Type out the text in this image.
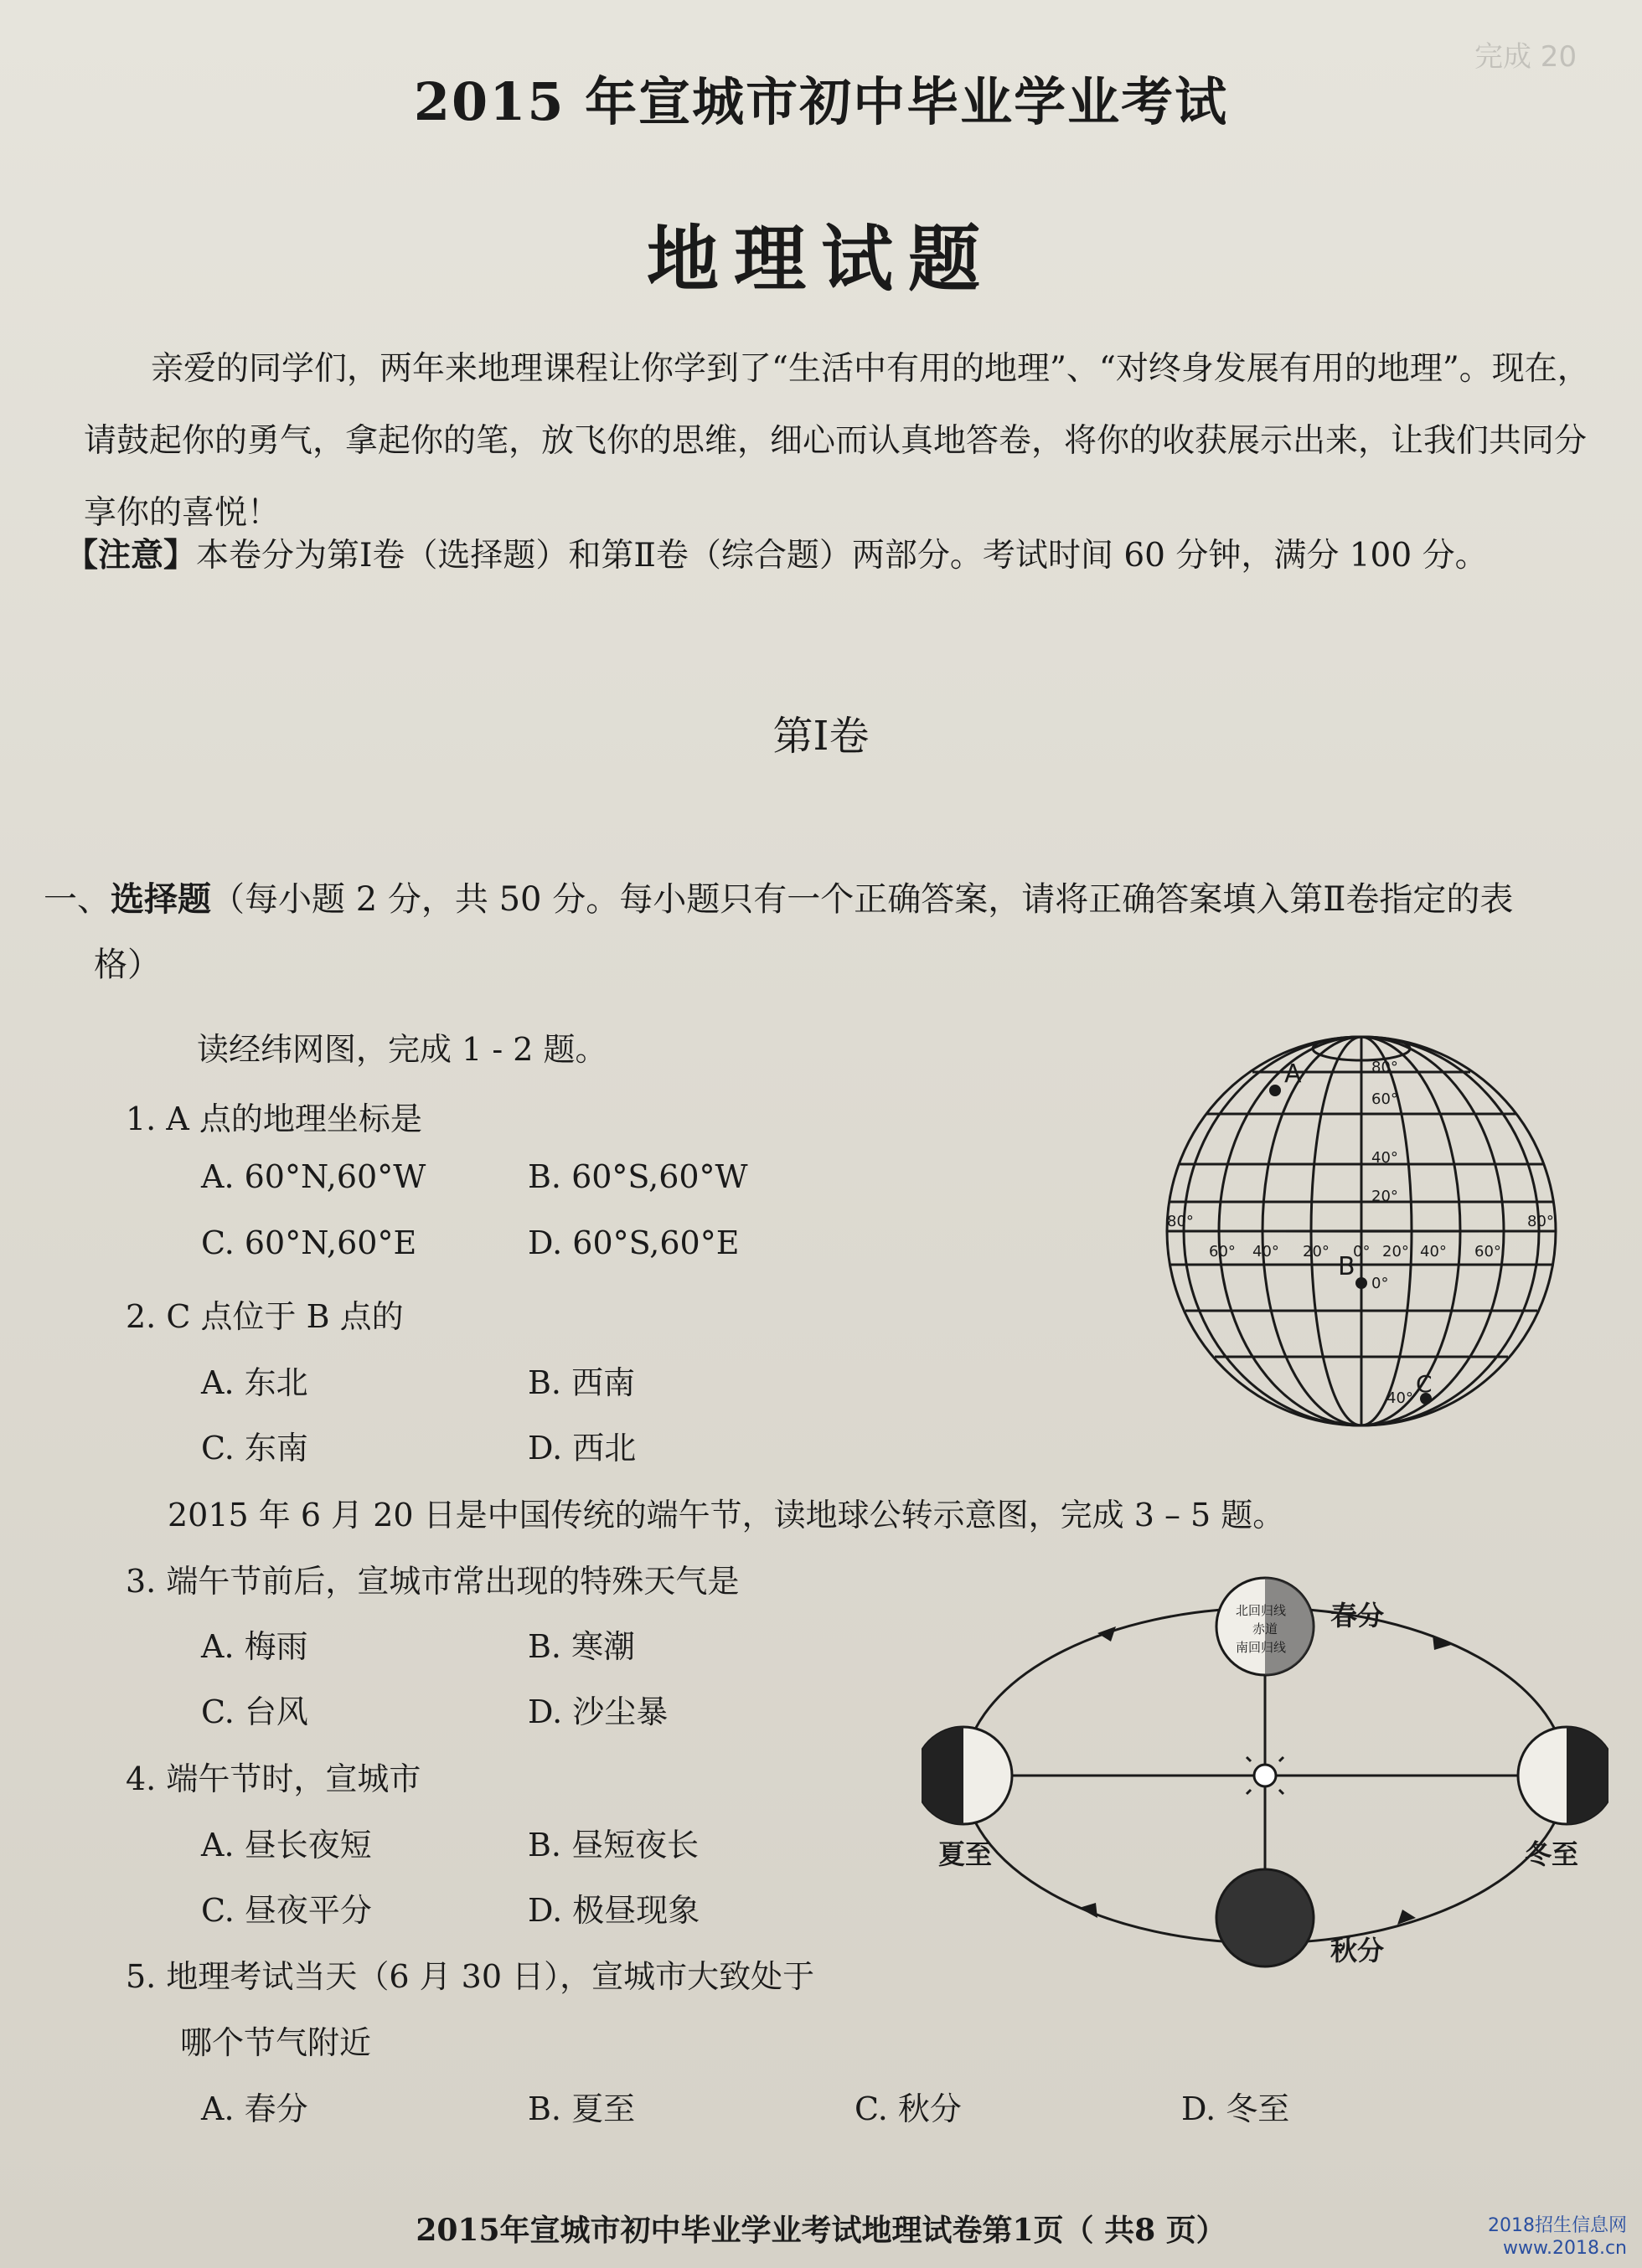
完成 20
2015 年宣城市初中毕业学业考试
地理试题
亲爱的同学们，两年来地理课程让你学到了“生活中有用的地理”、“对终身发展有用的地理”。现在，请鼓起你的勇气，拿起你的笔，放飞你的思维，细心而认真地答卷，将你的收获展示出来，让我们共同分享你的喜悦！
【注意】本卷分为第Ⅰ卷（选择题）和第Ⅱ卷（综合题）两部分。考试时间 60 分钟，满分 100 分。
第Ⅰ卷
一、选择题（每小题 2 分，共 50 分。每小题只有一个正确答案，请将正确答案填入第Ⅱ卷指定的表
格）
读经纬网图，完成 1 - 2 题。
1. A 点的地理坐标是
A. 60°N,60°W	B. 60°S,60°W
C. 60°N,60°E	D. 60°S,60°E
2. C 点位于 B 点的
A. 东北	B. 西南
C. 东南	D. 西北
2015 年 6 月 20 日是中国传统的端午节，读地球公转示意图，完成 3 – 5 题。
3. 端午节前后，宣城市常出现的特殊天气是
A. 梅雨	B. 寒潮
C. 台风	D. 沙尘暴
4. 端午节时，宣城市
A. 昼长夜短	B. 昼短夜长
C. 昼夜平分	D. 极昼现象
5. 地理考试当天（6 月 30 日），宣城市大致处于
哪个节气附近
A. 春分	B. 夏至	C. 秋分	D. 冬至
A
B
C
80°
60°
40°
20°
0°
40°
80°
60° 40° 20° 0° 20° 40° 60°
80°
北回归线
赤道
南回归线
春分
夏至	冬至
秋分
2015年宣城市初中毕业学业考试地理试卷第1页（ 共8 页）	2018招生信息网
www.2018.cn
